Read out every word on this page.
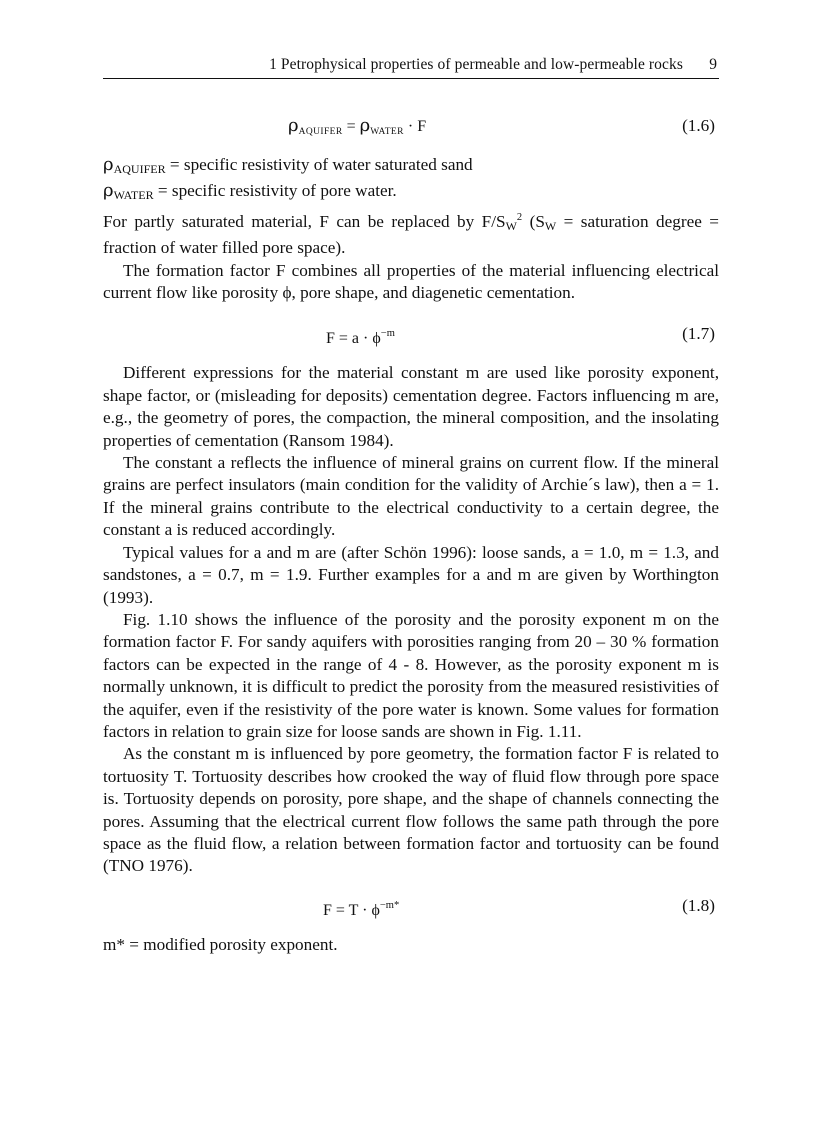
1 Petrophysical properties of permeable and low-permeable rocks 9
ρAQUIFER = ρWATER · F	(1.6)
ρAQUIFER = specific resistivity of water saturated sand
ρWATER = specific resistivity of pore water.

For partly saturated material, F can be replaced by $F/SW^2$ (SW = saturation degree = fraction of water filled pore space).

The formation factor F combines all properties of the material influencing electrical current flow like porosity ϕ, pore shape, and diagenetic cementation.

$F = a \cdot \phi^{-m}$	(1.7)

Different expressions for the material constant m are used like porosity exponent, shape factor, or (misleading for deposits) cementation degree. Factors influencing m are, e.g., the geometry of pores, the compaction, the mineral composition, and the insolating properties of cementation (Ransom 1984).

The constant a reflects the influence of mineral grains on current flow. If the mineral grains are perfect insulators (main condition for the validity of Archie´s law), then a = 1. If the mineral grains contribute to the electrical conductivity to a certain degree, the constant a is reduced accordingly.

Typical values for a and m are (after Schön 1996): loose sands, a = 1.0, m = 1.3, and sandstones, a = 0.7, m = 1.9. Further examples for a and m are given by Worthington (1993).

Fig. 1.10 shows the influence of the porosity and the porosity exponent m on the formation factor F. For sandy aquifers with porosities ranging from 20 – 30 % formation factors can be expected in the range of 4 - 8. However, as the porosity exponent m is normally unknown, it is difficult to predict the porosity from the measured resistivities of the aquifer, even if the resistivity of the pore water is known. Some values for formation factors in relation to grain size for loose sands are shown in Fig. 1.11.

As the constant m is influenced by pore geometry, the formation factor F is related to tortuosity T. Tortuosity describes how crooked the way of fluid flow through pore space is. Tortuosity depends on porosity, pore shape, and the shape of channels connecting the pores. Assuming that the electrical current flow follows the same path through the pore space as the fluid flow, a relation between formation factor and tortuosity can be found (TNO 1976).

$F = T \cdot \phi^{-m*}$	(1.8)

m* = modified porosity exponent.
